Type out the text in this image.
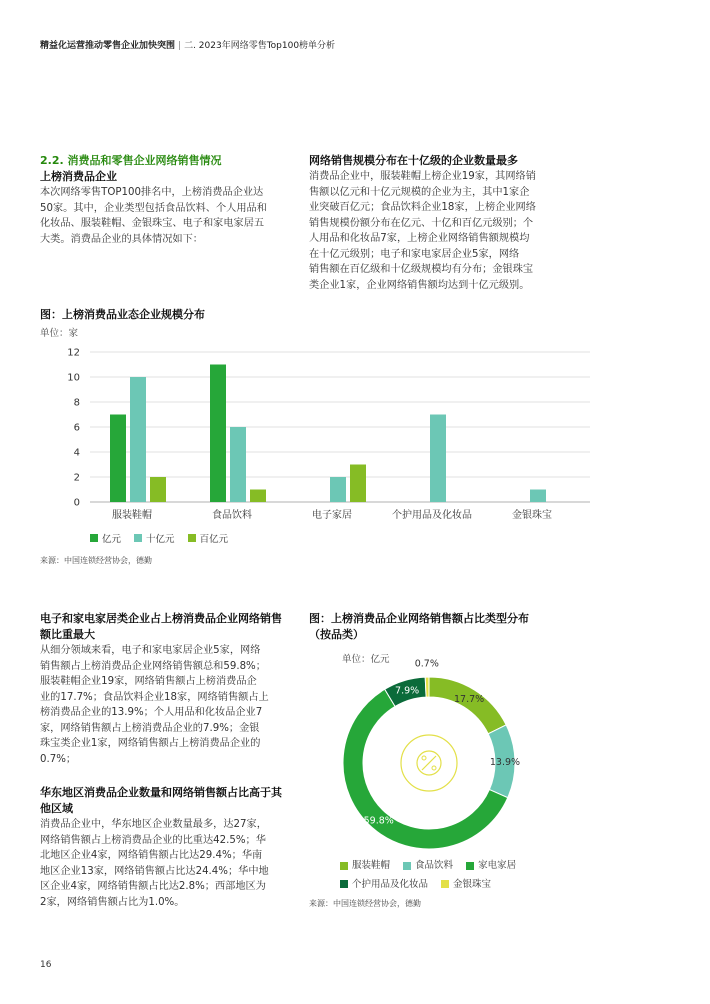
精益化运营推动零售企业加快突围 | 二. 2023年网络零售Top100榜单分析
2.2. 消费品和零售企业网络销售情况
上榜消费品企业
本次网络零售TOP100排名中，上榜消费品企业达
50家。其中，企业类型包括食品饮料、个人用品和
化妆品、服装鞋帽、金银珠宝、电子和家电家居五
大类。消费品企业的具体情况如下：
网络销售规模分布在十亿级的企业数量最多
消费品企业中，服装鞋帽上榜企业19家，其网络销
售额以亿元和十亿元规模的企业为主，其中1家企
业突破百亿元；食品饮料企业18家，上榜企业网络
销售规模份额分布在亿元、十亿和百亿元级别；个
人用品和化妆品7家，上榜企业网络销售额规模均
在十亿元级别；电子和家电家居企业5家，网络
销售额在百亿级和十亿级规模均有分布；金银珠宝
类企业1家，企业网络销售额均达到十亿元级别。
图：上榜消费品业态企业规模分布
单位：家
0
2
4
6
8
10
12
服装鞋帽	食品饮料	电子家居	个护用品及化妆品	金银珠宝
亿元
	十亿元
	百亿元
来源：中国连锁经营协会，德勤
电子和家电家居类企业占上榜消费品企业网络销售
额比重最大
从细分领域来看，电子和家电家居企业5家，网络
销售额占上榜消费品企业网络销售额总和59.8%；
服装鞋帽企业19家，网络销售额占上榜消费品企
业的17.7%；食品饮料企业18家，网络销售额占上
榜消费品企业的13.9%；个人用品和化妆品企业7
家，网络销售额占上榜消费品企业的7.9%；金银
珠宝类企业1家，网络销售额占上榜消费品企业的
0.7%；
华东地区消费品企业数量和网络销售额占比高于其
他区域
消费品企业中，华东地区企业数量最多，达27家，
网络销售额占上榜消费品企业的比重达42.5%；华
北地区企业4家，网络销售额占比达29.4%；华南
地区企业13家，网络销售额占比达24.4%；华中地
区企业4家，网络销售额占比达2.8%；西部地区为
2家，网络销售额占比为1.0%。
图：上榜消费品企业网络销售额占比类型分布
（按品类）
单位：亿元
17.7%
13.9%
59.8%
7.9%
0.7%
服装鞋帽
	食品饮料
	家电家居
个护用品及化妆品
	金银珠宝
来源：中国连锁经营协会，德勤
16
